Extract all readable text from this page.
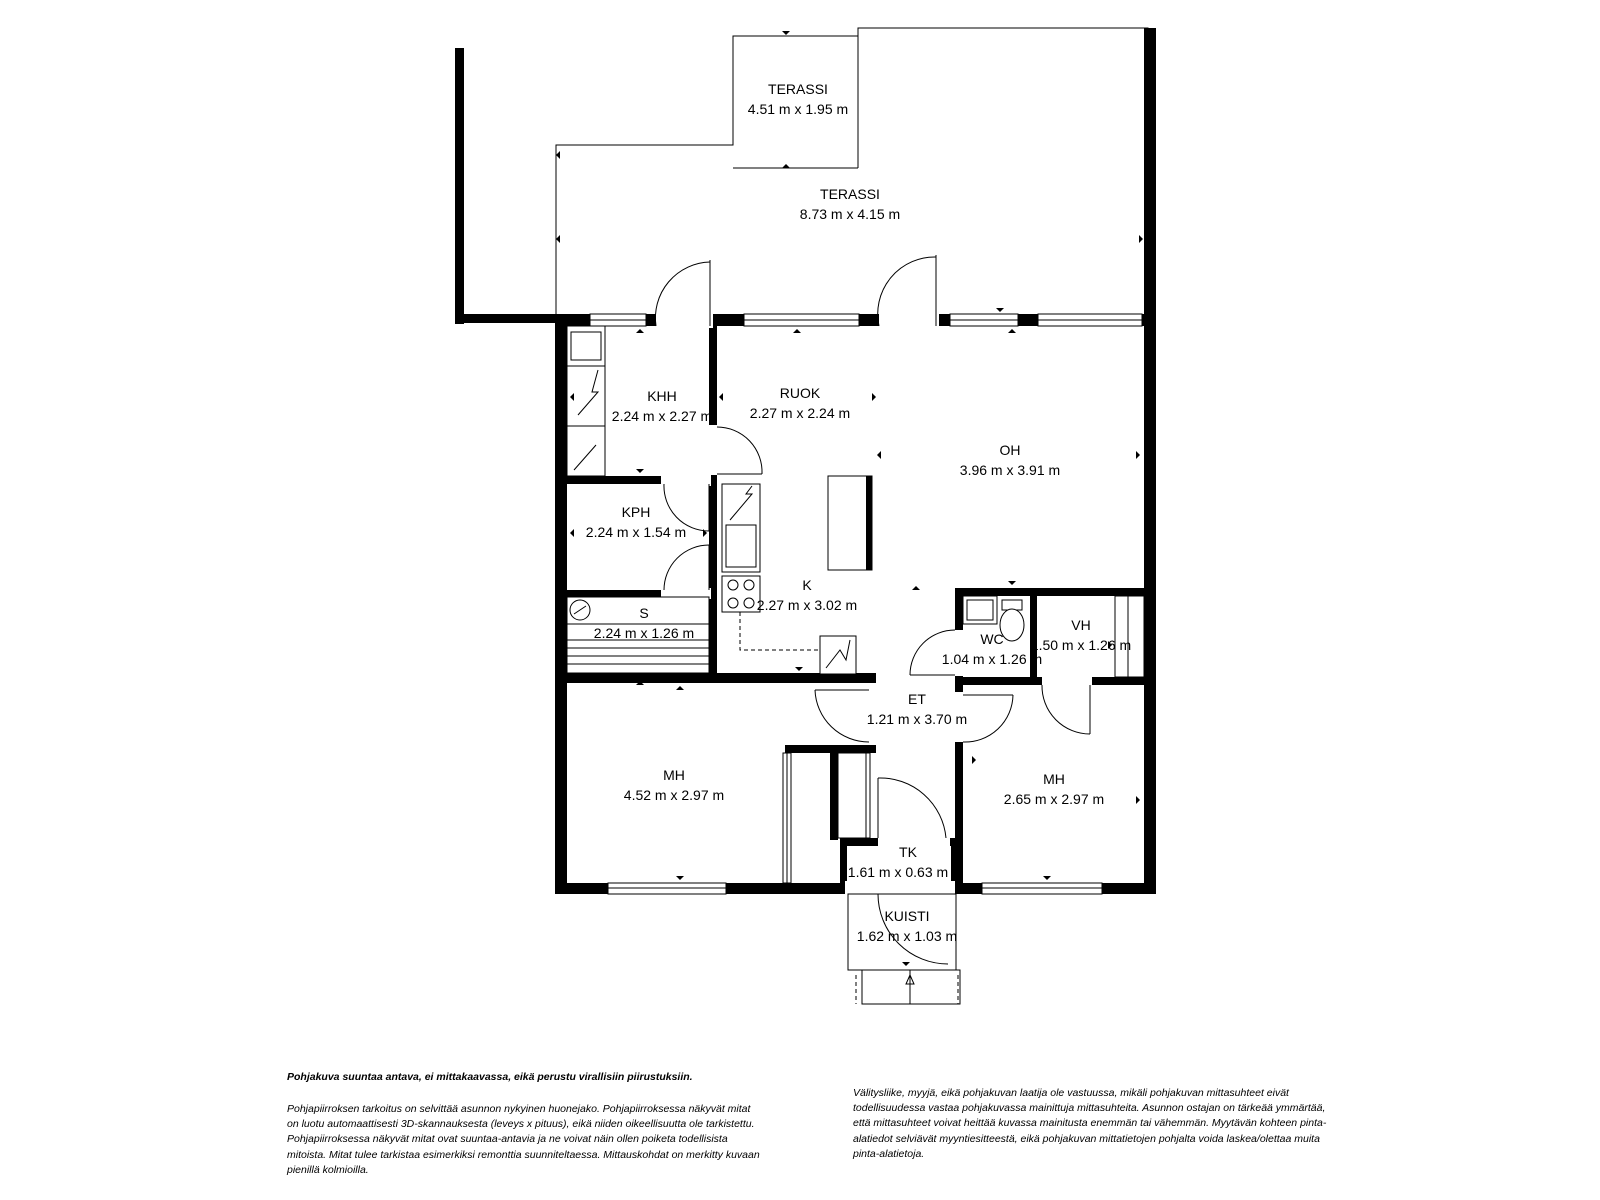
TERASSI
4.51 m x 1.95 m
TERASSI
8.73 m x 4.15 m
KHH
2.24 m x 2.27 m
RUOK
2.27 m x 2.24 m
OH
3.96 m x 3.91 m
KPH
2.24 m x 1.54 m
K
2.27 m x 3.02 m
S
2.24 m x 1.26 m	WC
1.04 m x 1.26 m
VH
1.50 m x 1.26 m
ET
1.21 m x 3.70 m
MH
4.52 m x 2.97 m
MH
2.65 m x 2.97 m
TK
1.61 m x 0.63 m
KUISTI
1.62 m x 1.03 m

Pohjakuva suuntaa antava, ei mittakaavassa, eikä perustu virallisiin piirustuksiin.

Pohjapiirroksen tarkoitus on selvittää asunnon nykyinen huonejako. Pohjapiirroksessa näkyvät mitat on luotu automaattisesti 3D-skannauksesta (leveys x pituus), eikä niiden oikeellisuutta ole tarkistettu. Pohjapiirroksessa näkyvät mitat ovat suuntaa-antavia ja ne voivat näin ollen poiketa todellisista mitoista. Mitat tulee tarkistaa esimerkiksi remonttia suunniteltaessa. Mittauskohdat on merkitty kuvaan pienillä kolmioilla.

Välitysliike, myyjä, eikä pohjakuvan laatija ole vastuussa, mikäli pohjakuvan mittasuhteet eivät todellisuudessa vastaa pohjakuvassa mainittuja mittasuhteita. Asunnon ostajan on tärkeää ymmärtää, että mittasuhteet voivat heittää kuvassa mainitusta enemmän tai vähemmän. Myytävän kohteen pinta-alatiedot selviävät myyntiesitteestä, eikä pohjakuvan mittatietojen pohjalta voida laskea/olettaa muita pinta-alatietoja.
